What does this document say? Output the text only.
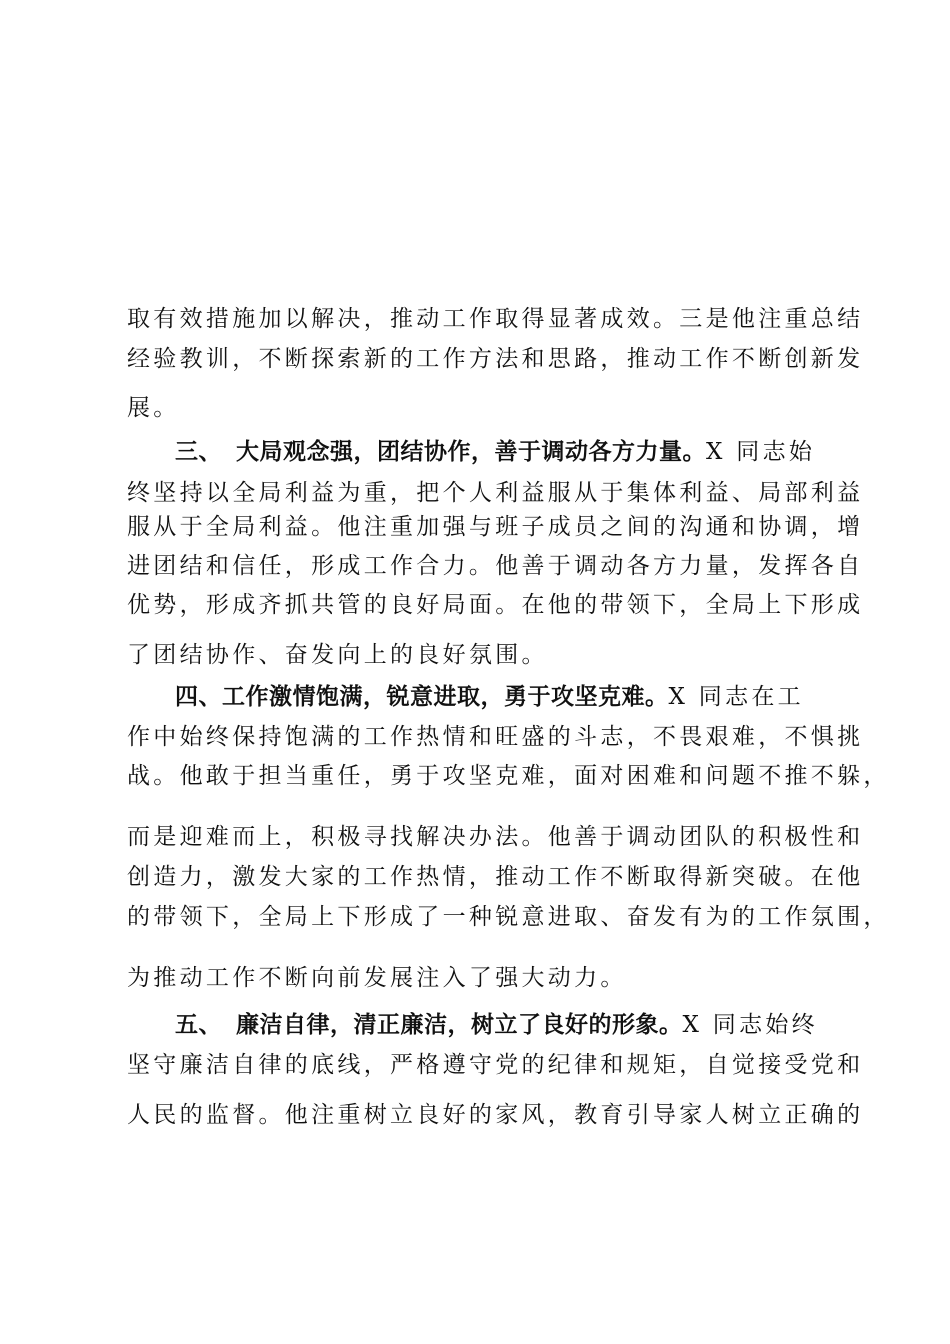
取有效措施加以解决，推动工作取得显著成效。三是他注重总结
经验教训，不断探索新的工作方法和思路，推动工作不断创新发
展。
三、 大局观念强，团结协作，善于调动各方力量。X 同志始
终坚持以全局利益为重，把个人利益服从于集体利益、局部利益
服从于全局利益。他注重加强与班子成员之间的沟通和协调，增
进团结和信任，形成工作合力。他善于调动各方力量，发挥各自
优势，形成齐抓共管的良好局面。在他的带领下，全局上下形成
了团结协作、奋发向上的良好氛围。
四、工作激情饱满，锐意进取，勇于攻坚克难。X 同志在工
作中始终保持饱满的工作热情和旺盛的斗志，不畏艰难，不惧挑
战。他敢于担当重任，勇于攻坚克难，面对困难和问题不推不躲，
而是迎难而上，积极寻找解决办法。他善于调动团队的积极性和
创造力，激发大家的工作热情，推动工作不断取得新突破。在他
的带领下，全局上下形成了一种锐意进取、奋发有为的工作氛围，
为推动工作不断向前发展注入了强大动力。
五、 廉洁自律，清正廉洁，树立了良好的形象。X 同志始终
坚守廉洁自律的底线，严格遵守党的纪律和规矩，自觉接受党和
人民的监督。他注重树立良好的家风，教育引导家人树立正确的
